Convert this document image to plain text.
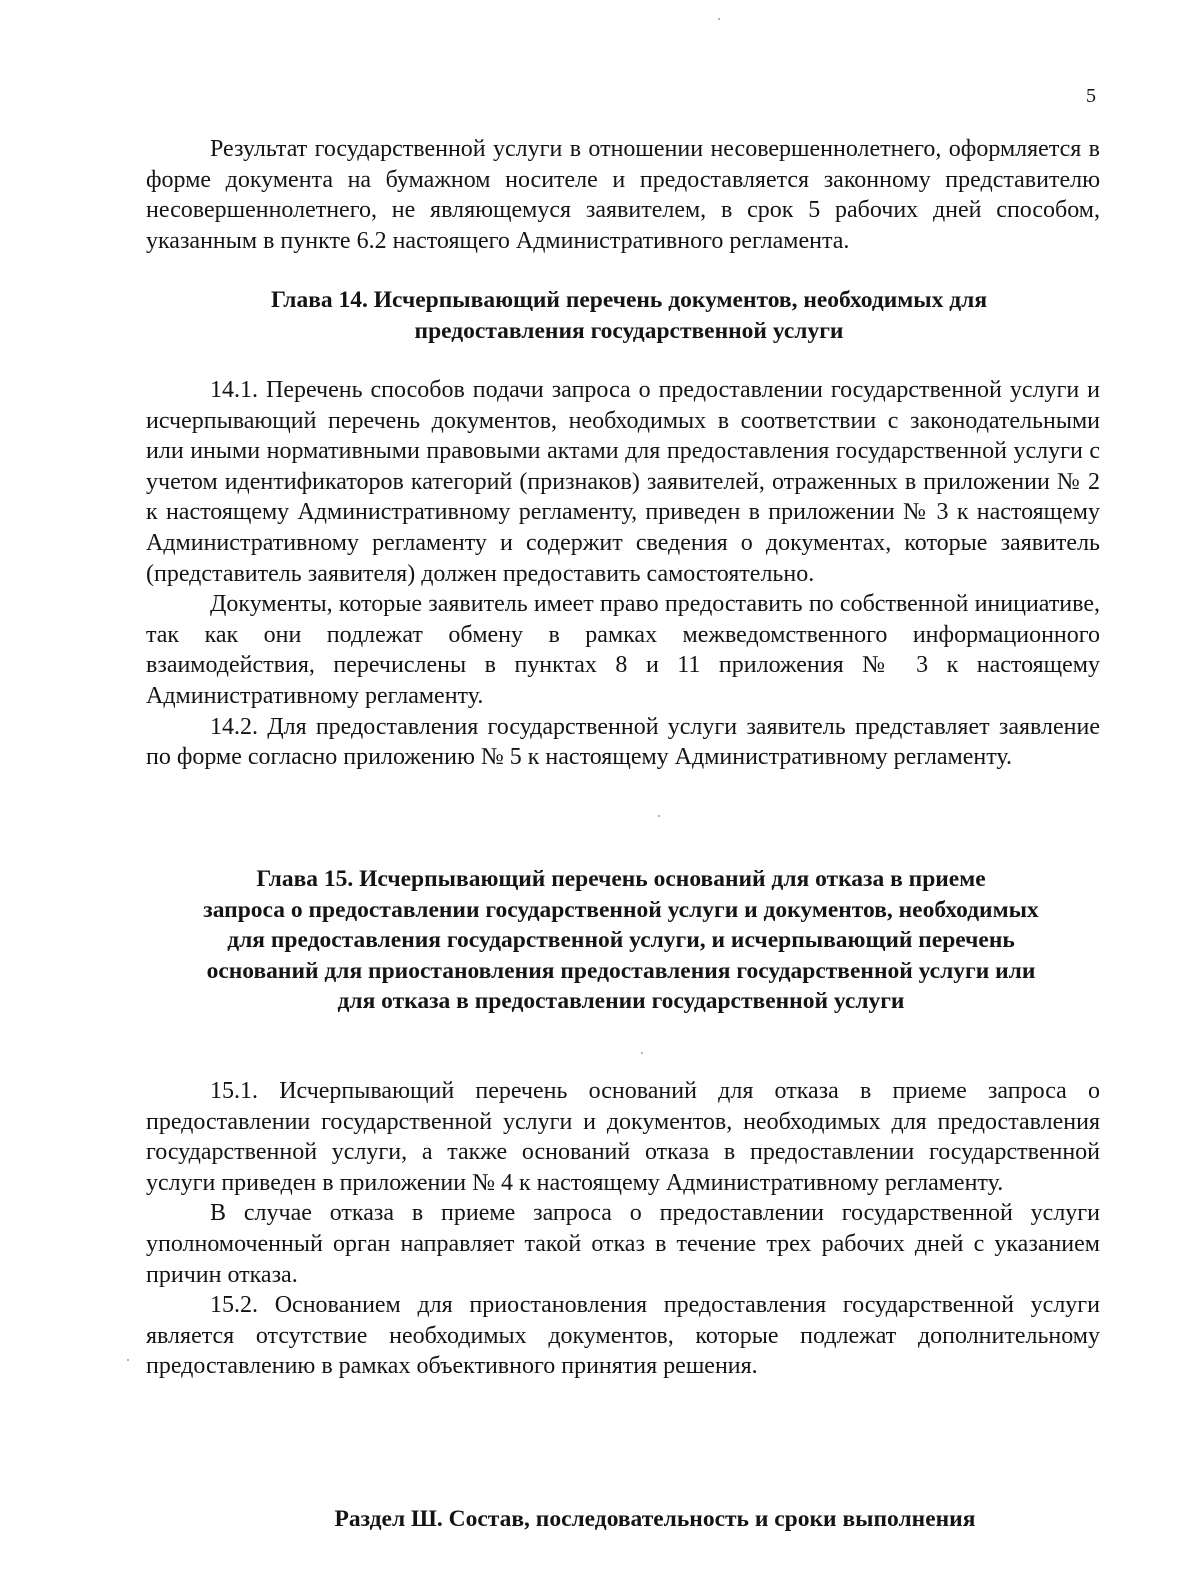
5

Результат государственной услуги в отношении несовершеннолетнего, оформляется в форме документа на бумажном носителе и предоставляется законному представителю несовершеннолетнего, не являющемуся заявителем, в срок 5 рабочих дней способом, указанным в пункте 6.2 настоящего Административного регламента.

Глава 14. Исчерпывающий перечень документов, необходимых для
предоставления государственной услуги

14.1. Перечень способов подачи запроса о предоставлении государственной услуги и исчерпывающий перечень документов, необходимых в соответствии с законодательными или иными нормативными правовыми актами для предоставления государственной услуги с учетом идентификаторов категорий (признаков) заявителей, отраженных в приложении № 2 к настоящему Административному регламенту, приведен в приложении № 3 к настоящему Административному регламенту и содержит сведения о документах, которые заявитель (представитель заявителя) должен предоставить самостоятельно.

Документы, которые заявитель имеет право предоставить по собственной инициативе, так как они подлежат обмену в рамках межведомственного информационного взаимодействия, перечислены в пунктах 8 и 11 приложения № 3 к настоящему Административному регламенту.

14.2. Для предоставления государственной услуги заявитель представляет заявление по форме согласно приложению № 5 к настоящему Административному регламенту.

Глава 15. Исчерпывающий перечень оснований для отказа в приеме
запроса о предоставлении государственной услуги и документов, необходимых
для предоставления государственной услуги, и исчерпывающий перечень
оснований для приостановления предоставления государственной услуги или
для отказа в предоставлении государственной услуги

15.1. Исчерпывающий перечень оснований для отказа в приеме запроса о предоставлении государственной услуги и документов, необходимых для предоставления государственной услуги, а также оснований отказа в предоставлении государственной услуги приведен в приложении № 4 к настоящему Административному регламенту.

В случае отказа в приеме запроса о предоставлении государственной услуги уполномоченный орган направляет такой отказ в течение трех рабочих дней с указанием причин отказа.

15.2. Основанием для приостановления предоставления государственной услуги является отсутствие необходимых документов, которые подлежат дополнительному предоставлению в рамках объективного принятия решения.

Раздел Ш. Состав, последовательность и сроки выполнения
